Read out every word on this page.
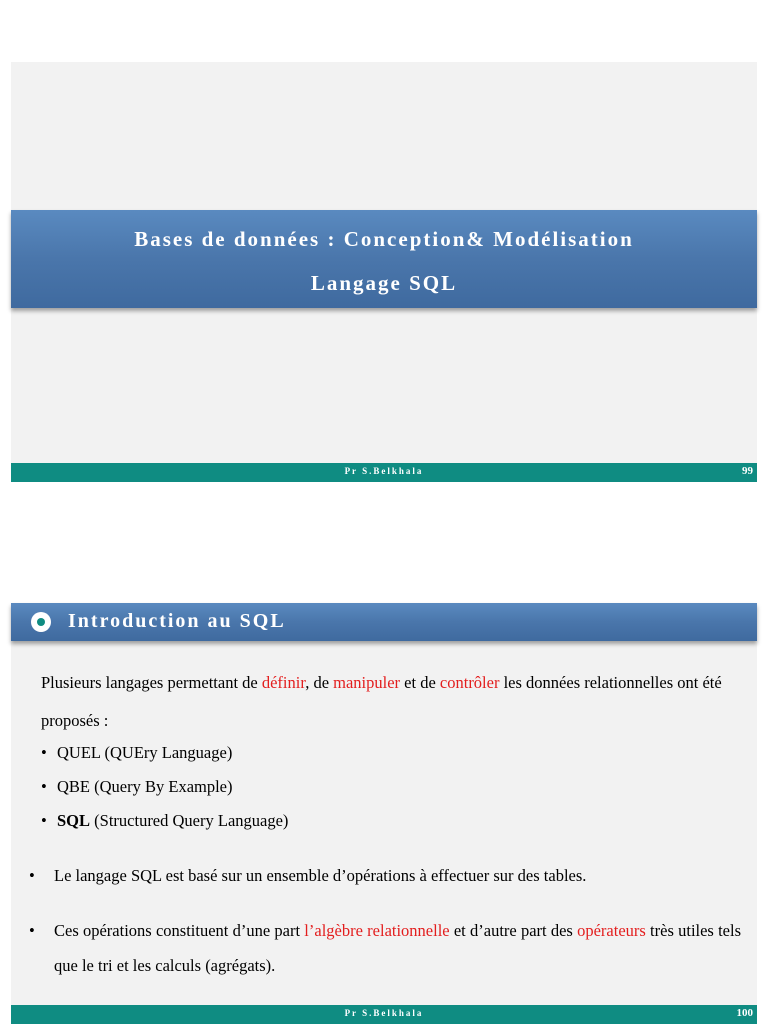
Bases de données : Conception& Modélisation
Langage SQL
Pr S.Belkhala	99
Introduction au SQL
Plusieurs langages permettant de définir, de manipuler et de contrôler les données relationnelles ont été proposés :
• QUEL (QUEry Language)
• QBE (Query By Example)
• SQL (Structured Query Language)
• Le langage SQL est basé sur un ensemble d’opérations à effectuer sur des tables.
• Ces opérations constituent d’une part l’algèbre relationnelle et d’autre part des opérateurs très utiles tels que le tri et les calculs (agrégats).
Pr S.Belkhala	100
